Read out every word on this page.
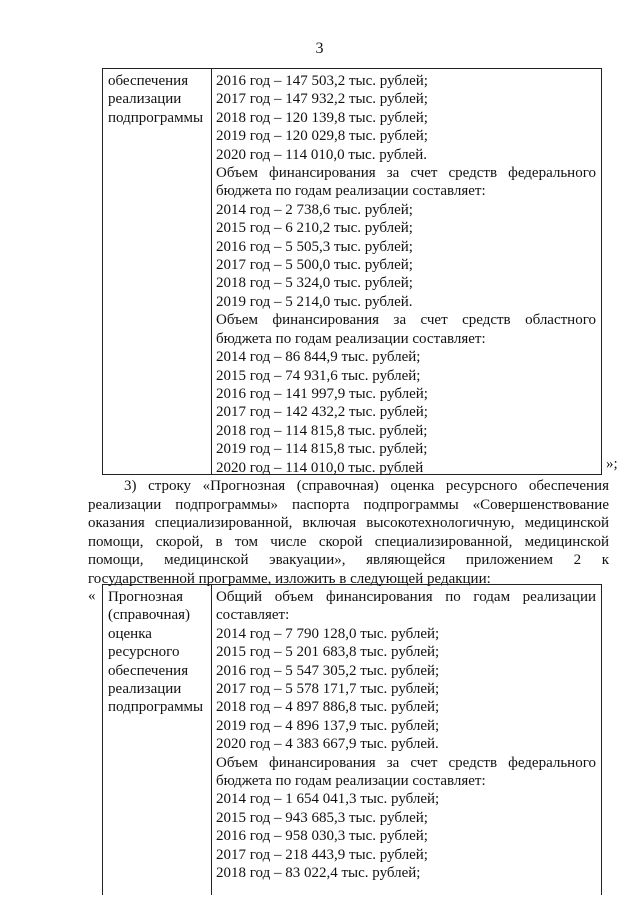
3
обеспечения
реализации
подпрограммы
2016 год – 147 503,2 тыс. рублей;
2017 год – 147 932,2 тыс. рублей;
2018 год – 120 139,8 тыс. рублей;
2019 год – 120 029,8 тыс. рублей;
2020 год – 114 010,0 тыс. рублей.
Объем финансирования за счет средств федерального
бюджета по годам реализации составляет:
2014 год – 2 738,6 тыс. рублей;
2015 год – 6 210,2 тыс. рублей;
2016 год – 5 505,3 тыс. рублей;
2017 год – 5 500,0 тыс. рублей;
2018 год – 5 324,0 тыс. рублей;
2019 год – 5 214,0 тыс. рублей.
Объем финансирования за счет средств областного
бюджета по годам реализации составляет:
2014 год – 86 844,9 тыс. рублей;
2015 год – 74 931,6 тыс. рублей;
2016 год – 141 997,9 тыс. рублей;
2017 год – 142 432,2 тыс. рублей;
2018 год – 114 815,8 тыс. рублей;
2019 год – 114 815,8 тыс. рублей;
2020 год – 114 010,0 тыс. рублей	»;
3) строку «Прогнозная (справочная) оценка ресурсного обеспечения
реализации подпрограммы» паспорта подпрограммы «Совершенствование
оказания специализированной, включая высокотехнологичную, медицинской
помощи, скорой, в том числе скорой специализированной, медицинской
помощи, медицинской эвакуации», являющейся приложением 2 к
государственной программе, изложить в следующей редакции:
« Прогнозная
(справочная)
оценка
ресурсного
обеспечения
реализации
подпрограммы
Общий объем финансирования по годам реализации
составляет:
2014 год – 7 790 128,0 тыс. рублей;
2015 год – 5 201 683,8 тыс. рублей;
2016 год – 5 547 305,2 тыс. рублей;
2017 год – 5 578 171,7 тыс. рублей;
2018 год – 4 897 886,8 тыс. рублей;
2019 год – 4 896 137,9 тыс. рублей;
2020 год – 4 383 667,9 тыс. рублей.
Объем финансирования за счет средств федерального
бюджета по годам реализации составляет:
2014 год – 1 654 041,3 тыс. рублей;
2015 год – 943 685,3 тыс. рублей;
2016 год – 958 030,3 тыс. рублей;
2017 год – 218 443,9 тыс. рублей;
2018 год – 83 022,4 тыс. рублей;
